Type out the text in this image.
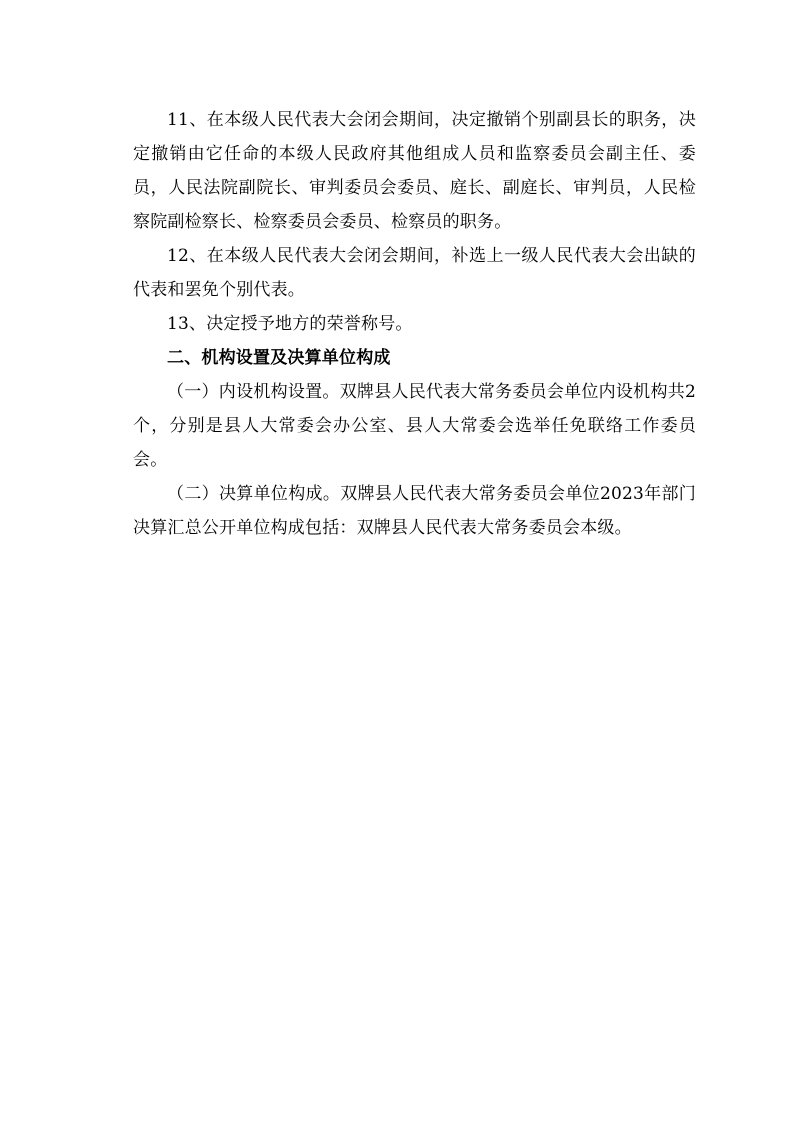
11、在本级人民代表大会闭会期间，决定撤销个别副县长的职务，决定撤销由它任命的本级人民政府其他组成人员和监察委员会副主任、委员，人民法院副院长、审判委员会委员、庭长、副庭长、审判员，人民检察院副检察长、检察委员会委员、检察员的职务。

12、在本级人民代表大会闭会期间，补选上一级人民代表大会出缺的代表和罢免个别代表。

13、决定授予地方的荣誉称号。

二、机构设置及决算单位构成

（一）内设机构设置。双牌县人民代表大常务委员会单位内设机构共2个，分别是县人大常委会办公室、县人大常委会选举任免联络工作委员会。

（二）决算单位构成。双牌县人民代表大常务委员会单位2023年部门决算汇总公开单位构成包括：双牌县人民代表大常务委员会本级。
